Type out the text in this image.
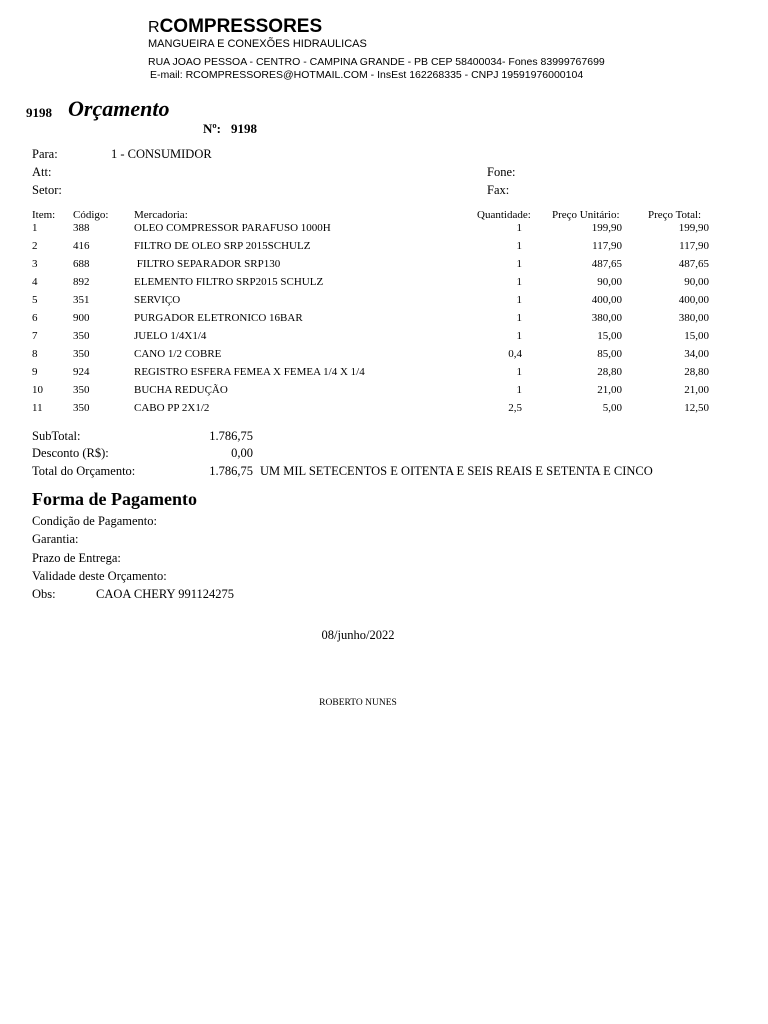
RCOMPRESSORES
MANGUEIRA E CONEXÕES HIDRAULICAS
RUA JOAO PESSOA - CENTRO - CAMPINA GRANDE - PB CEP 58400034- Fones 83999767699
E-mail: RCOMPRESSORES@HOTMAIL.COM - InsEst 162268335 - CNPJ 19591976000104
9198 Orçamento
Nº: 9198
Para:	1 - CONSUMIDOR
Att:
Setor:
Fone:
Fax:
Item: Código: Mercadoria:	Quantidade: Preço Unitário:	Preço Total:
1	388	OLEO COMPRESSOR PARAFUSO 1000H	1	199,90	199,90
2	416	FILTRO DE OLEO SRP 2015SCHULZ	1	117,90	117,90
3	688	FILTRO SEPARADOR SRP130	1	487,65	487,65
4	892	ELEMENTO FILTRO SRP2015 SCHULZ	1	90,00	90,00
5	351	SERVIÇO	1	400,00	400,00
6	900	PURGADOR ELETRONICO 16BAR	1	380,00	380,00
7	350	JUELO 1/4X1/4	1	15,00	15,00
8	350	CANO 1/2 COBRE	0,4	85,00	34,00
9	924	REGISTRO ESFERA FEMEA X FEMEA 1/4 X 1/4	1	28,80	28,80
10	350	BUCHA REDUÇÃO	1	21,00	21,00
11	350	CABO PP 2X1/2	2,5	5,00	12,50
SubTotal:	1.786,75
Desconto (R$):	0,00
Total do Orçamento:	1.786,75 UM MIL SETECENTOS E OITENTA E SEIS REAIS E SETENTA E CINCO
Forma de Pagamento
Condição de Pagamento:
Garantia:
Prazo de Entrega:
Validade deste Orçamento:
Obs:	CAOA CHERY 991124275
08/junho/2022
ROBERTO NUNES
